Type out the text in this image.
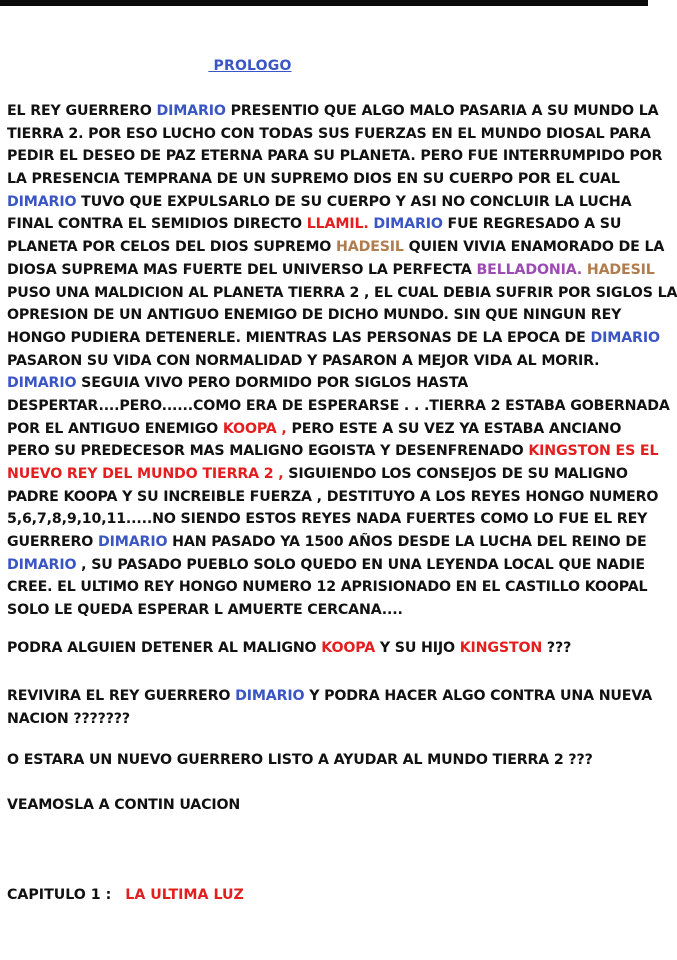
PROLOGO
EL REY GUERRERO DIMARIO PRESENTIO QUE ALGO MALO PASARIA A SU MUNDO LA
TIERRA 2. POR ESO LUCHO CON TODAS SUS FUERZAS EN EL MUNDO DIOSAL PARA
PEDIR EL DESEO DE PAZ ETERNA PARA SU PLANETA. PERO FUE INTERRUMPIDO POR
LA PRESENCIA TEMPRANA DE UN SUPREMO DIOS EN SU CUERPO POR EL CUAL
DIMARIO TUVO QUE EXPULSARLO DE SU CUERPO Y ASI NO CONCLUIR LA LUCHA
FINAL CONTRA EL SEMIDIOS DIRECTO LLAMIL. DIMARIO FUE REGRESADO A SU
PLANETA POR CELOS DEL DIOS SUPREMO HADESIL QUIEN VIVIA ENAMORADO DE LA
DIOSA SUPREMA MAS FUERTE DEL UNIVERSO LA PERFECTA BELLADONIA. HADESIL
PUSO UNA MALDICION AL PLANETA TIERRA 2 , EL CUAL DEBIA SUFRIR POR SIGLOS LA
OPRESION DE UN ANTIGUO ENEMIGO DE DICHO MUNDO. SIN QUE NINGUN REY
HONGO PUDIERA DETENERLE. MIENTRAS LAS PERSONAS DE LA EPOCA DE DIMARIO
PASARON SU VIDA CON NORMALIDAD Y PASARON A MEJOR VIDA AL MORIR.
DIMARIO SEGUIA VIVO PERO DORMIDO POR SIGLOS HASTA
DESPERTAR....PERO......COMO ERA DE ESPERARSE . . .TIERRA 2 ESTABA GOBERNADA
POR EL ANTIGUO ENEMIGO KOOPA , PERO ESTE A SU VEZ YA ESTABA ANCIANO
PERO SU PREDECESOR MAS MALIGNO EGOISTA Y DESENFRENADO KINGSTON ES EL
NUEVO REY DEL MUNDO TIERRA 2 , SIGUIENDO LOS CONSEJOS DE SU MALIGNO
PADRE KOOPA Y SU INCREIBLE FUERZA , DESTITUYO A LOS REYES HONGO NUMERO
5,6,7,8,9,10,11.....NO SIENDO ESTOS REYES NADA FUERTES COMO LO FUE EL REY
GUERRERO DIMARIO HAN PASADO YA 1500 AÑOS DESDE LA LUCHA DEL REINO DE
DIMARIO , SU PASADO PUEBLO SOLO QUEDO EN UNA LEYENDA LOCAL QUE NADIE
CREE. EL ULTIMO REY HONGO NUMERO 12 APRISIONADO EN EL CASTILLO KOOPAL
SOLO LE QUEDA ESPERAR L AMUERTE CERCANA....
PODRA ALGUIEN DETENER AL MALIGNO KOOPA Y SU HIJO KINGSTON ???
REVIVIRA EL REY GUERRERO DIMARIO Y PODRA HACER ALGO CONTRA UNA NUEVA
NACION ???????
O ESTARA UN NUEVO GUERRERO LISTO A AYUDAR AL MUNDO TIERRA 2 ???
VEAMOSLA A CONTIN UACION
CAPITULO 1 : LA ULTIMA LUZ
